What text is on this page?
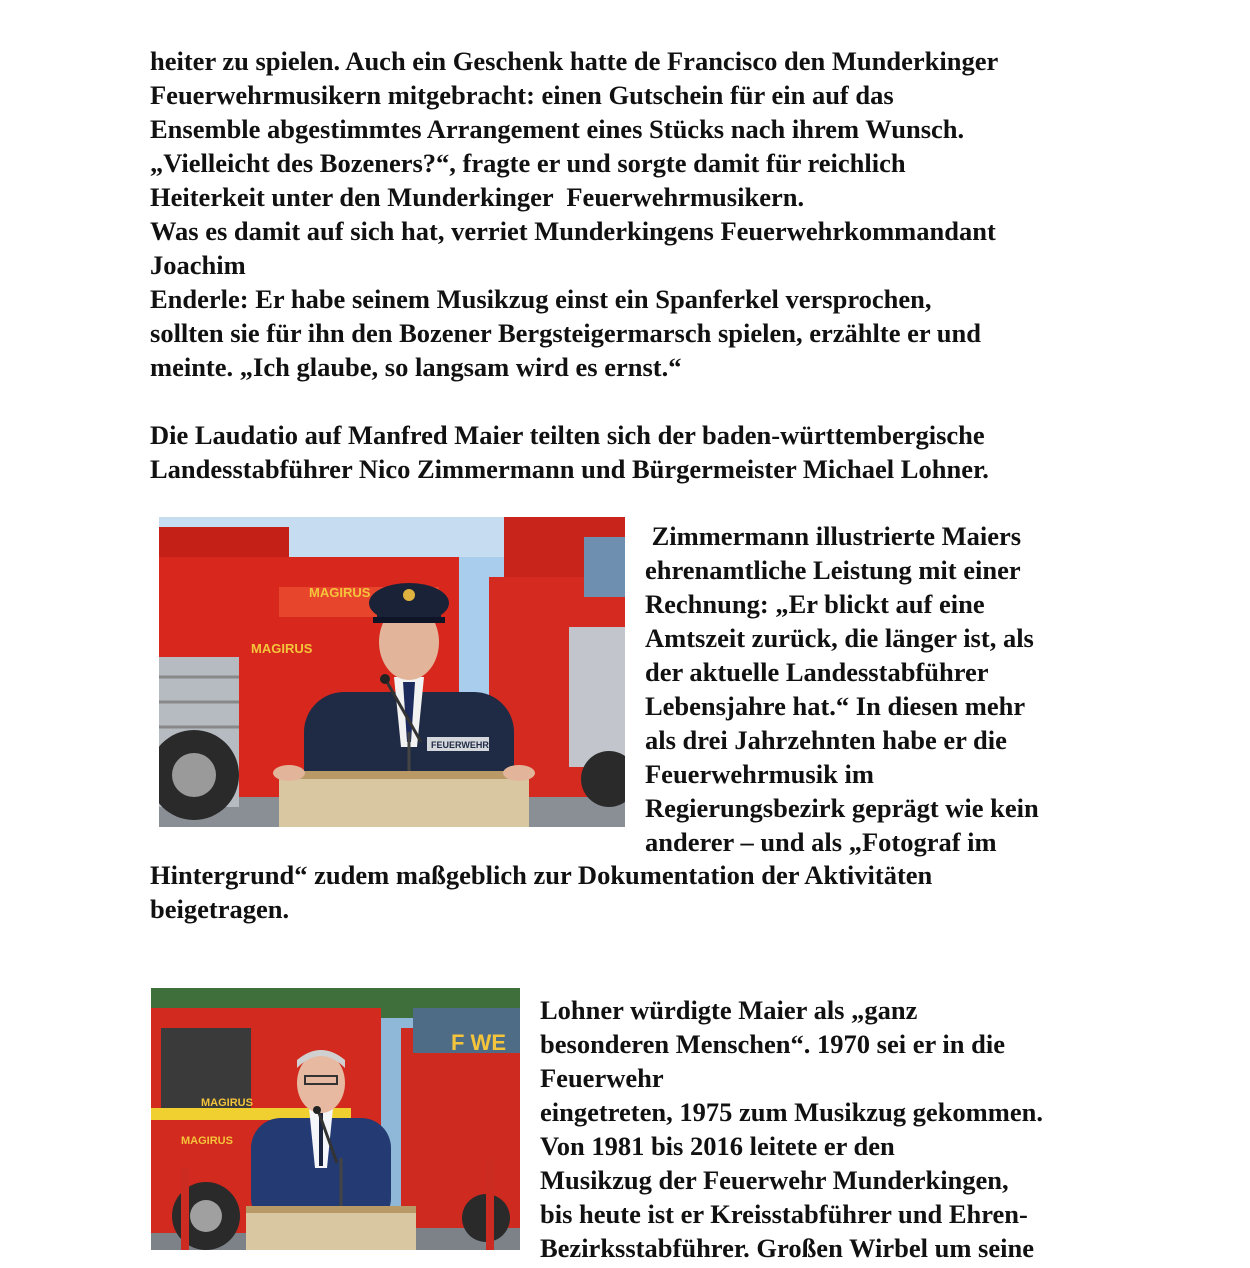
heiter zu spielen. Auch ein Geschenk hatte de Francisco den Munderkinger
Feuerwehrmusikern mitgebracht: einen Gutschein für ein auf das
Ensemble abgestimmtes Arrangement eines Stücks nach ihrem Wunsch.
„Vielleicht des Bozeners?“, fragte er und sorgte damit für reichlich
Heiterkeit unter den Munderkinger  Feuerwehrmusikern.
Was es damit auf sich hat, verriet Munderkingens Feuerwehrkommandant
Joachim
Enderle: Er habe seinem Musikzug einst ein Spanferkel versprochen,
sollten sie für ihn den Bozener Bergsteigermarsch spielen, erzählte er und
meinte. „Ich glaube, so langsam wird es ernst.“
Die Laudatio auf Manfred Maier teilten sich der baden-württembergische
Landesstabführer Nico Zimmermann und Bürgermeister Michael Lohner.
MAGIRUS
MAGIRUS
FEUERWEHR
Zimmermann illustrierte Maiers
ehrenamtliche Leistung mit einer
Rechnung: „Er blickt auf eine
Amtszeit zurück, die länger ist, als
der aktuelle Landesstabführer
Lebensjahre hat.“ In diesen mehr
als drei Jahrzehnten habe er die
Feuerwehrmusik im
Regierungsbezirk geprägt wie kein
anderer – und als „Fotograf im
Hintergrund“ zudem maßgeblich zur Dokumentation der Aktivitäten
beigetragen.
MAGIRUS
MAGIRUS
F WE
Lohner würdigte Maier als „ganz
besonderen Menschen“. 1970 sei er in die
Feuerwehr
eingetreten, 1975 zum Musikzug gekommen.
Von 1981 bis 2016 leitete er den
Musikzug der Feuerwehr Munderkingen,
bis heute ist er Kreisstabführer und Ehren-
Bezirksstabführer. Großen Wirbel um seine
